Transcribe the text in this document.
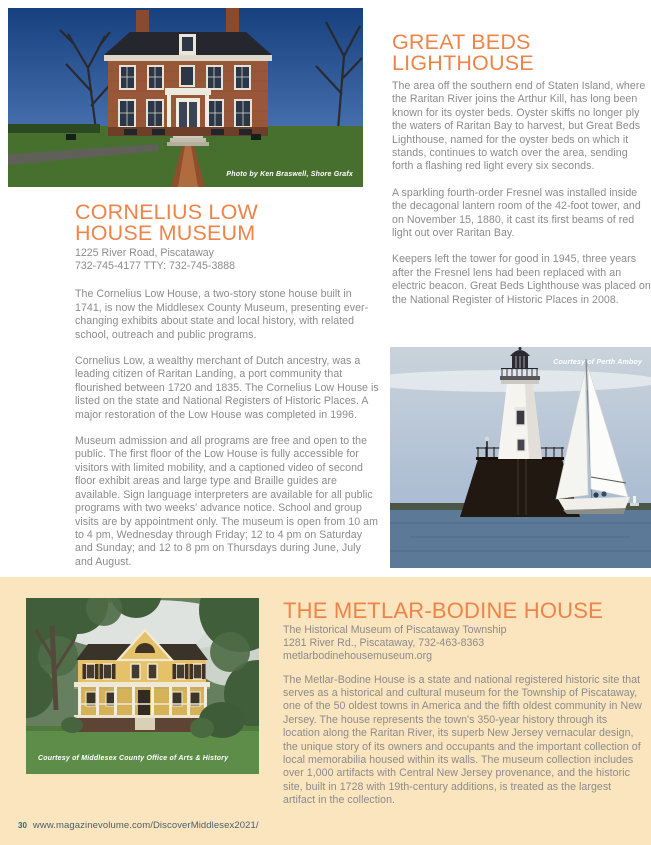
Photo by Ken Braswell, Shore Grafx
CORNELIUS LOW
HOUSE MUSEUM
1225 River Road, Piscataway
732-745-4177 TTY: 732-745-3888

The Cornelius Low House, a two-story stone house built in 1741, is now the Middlesex County Museum, presenting ever-changing exhibits about state and local history, with related school, outreach and public programs.

Cornelius Low, a wealthy merchant of Dutch ancestry, was a leading citizen of Raritan Landing, a port community that flourished between 1720 and 1835. The Cornelius Low House is listed on the state and National Registers of Historic Places. A major restoration of the Low House was completed in 1996.

Museum admission and all programs are free and open to the public. The first floor of the Low House is fully accessible for visitors with limited mobility, and a captioned video of second floor exhibit areas and large type and Braille guides are available. Sign language interpreters are available for all public programs with two weeks' advance notice. School and group visits are by appointment only. The museum is open from 10 am to 4 pm, Wednesday through Friday; 12 to 4 pm on Saturday and Sunday; and 12 to 8 pm on Thursdays during June, July and August.

GREAT BEDS
LIGHTHOUSE

The area off the southern end of Staten Island, where the Raritan River joins the Arthur Kill, has long been known for its oyster beds. Oyster skiffs no longer ply the waters of Raritan Bay to harvest, but Great Beds Lighthouse, named for the oyster beds on which it stands, continues to watch over the area, sending forth a flashing red light every six seconds.

A sparkling fourth-order Fresnel was installed inside the decagonal lantern room of the 42-foot tower, and on November 15, 1880, it cast its first beams of red light out over Raritan Bay.

Keepers left the tower for good in 1945, three years after the Fresnel lens had been replaced with an electric beacon. Great Beds Lighthouse was placed on the National Register of Historic Places in 2008.

Courtesy of Perth Amboy
Courtesy of Middlesex County Office of Arts & History
THE METLAR-BODINE HOUSE
The Historical Museum of Piscataway Township
1281 River Rd., Piscataway, 732-463-8363
metlarbodinehousemuseum.org

The Metlar-Bodine House is a state and national registered historic site that serves as a historical and cultural museum for the Township of Piscataway, one of the 50 oldest towns in America and the fifth oldest community in New Jersey. The house represents the town's 350-year history through its location along the Raritan River, its superb New Jersey vernacular design, the unique story of its owners and occupants and the important collection of local memorabilia housed within its walls. The museum collection includes over 1,000 artifacts with Central New Jersey provenance, and the historic site, built in 1728 with 19th-century additions, is treated as the largest artifact in the collection.

30 www.magazinevolume.com/DiscoverMiddlesex2021/
